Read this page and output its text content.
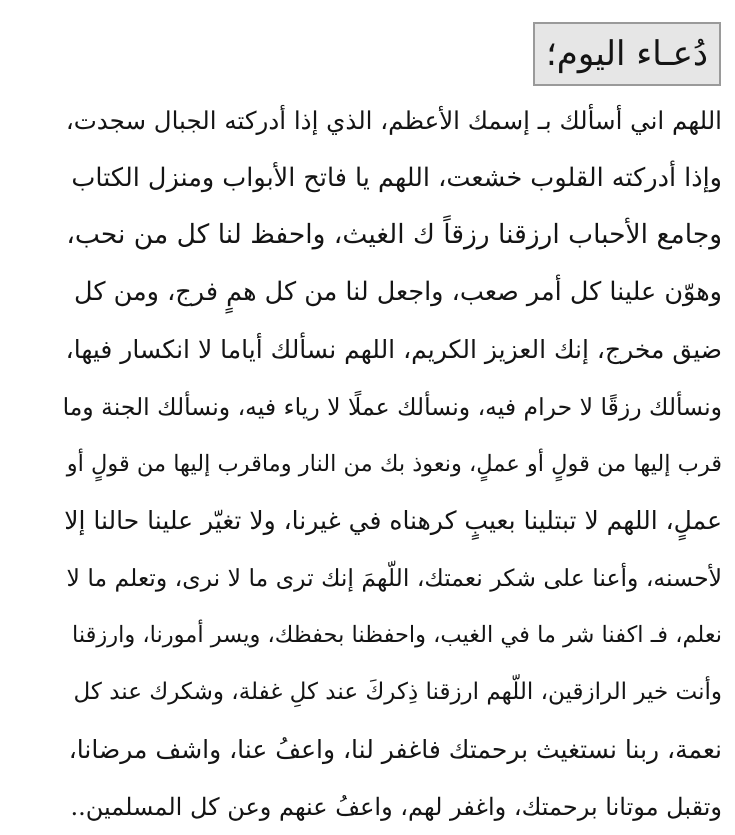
دُعـاء اليوم؛
اللهم اني أسألك بـ إسمك الأعظم، الذي إذا أدركته الجبال سجدت،
وإذا أدركته القلوب خشعت، اللهم يا فاتح الأبواب ومنزل الكتاب
وجامع الأحباب ارزقنا رزقاً ك الغيث، واحفظ لنا كل من نحب،
وهوّن علينا كل أمر صعب، واجعل لنا من كل همٍ فرج، ومن كل
ضيق مخرج، إنك العزيز الكريم، اللهم نسألك أياما لا انكسار فيها،
ونسألك رزقًا لا حرام فيه، ونسألك عملًا لا رياء فيه، ونسألك الجنة وما
قرب إليها من قولٍ أو عملٍ، ونعوذ بك من النار وماقرب إليها من قولٍ أو
عملٍ، اللهم لا تبتلينا بعيبٍ كرهناه في غيرنا، ولا تغيّر علينا حالنا إلا
لأحسنه، وأعنا على شكر نعمتك، اللّهمَ إنك ترى ما لا نرى، وتعلم ما لا
نعلم، فـ اكفنا شر ما في الغيب، واحفظنا بحفظك، ويسر أمورنا، وارزقنا
وأنت خير الرازقين، اللّهم ارزقنا ذِكركَ عند كلِ غفلة، وشكرك عند كل
نعمة، ربنا نستغيث برحمتك فاغفر لنا، واعفُ عنا، واشف مرضانا،
وتقبل موتانا برحمتك، واغفر لهم، واعفُ عنهم وعن كل المسلمين..
